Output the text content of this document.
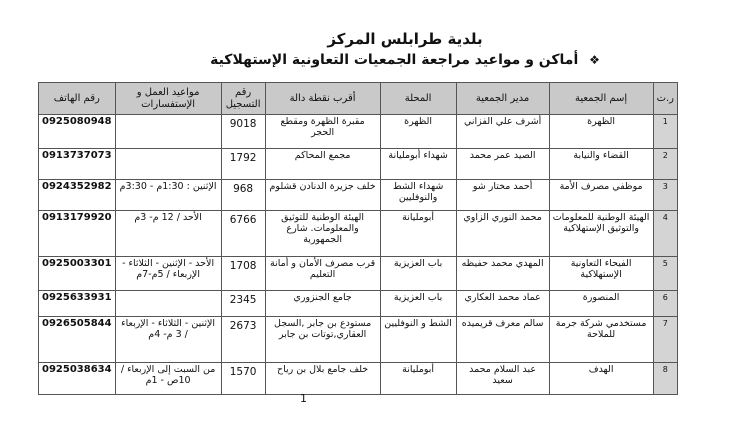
بلدية طرابلس المركز
❖ أماكن و مواعيد مراجعة الجمعيات التعاونية الإستهلاكية
ر.ت	إسم الجمعية	مدير الجمعية	المحلة	أقرب نقطة دالة	رقم التسجيل	مواعيد العمل و الإستفسارات	رقم الهاتف
1	الظهرة	أشرف علي الفزاني	الظهرة	مقبرة الظهرة ومقطع الحجر	9018		0925080948
2	القضاء والنيابة	الصيد عمر محمد	شهداء أبومليانة	مجمع المحاكم	1792		0913737073
3	موظفي مصرف الأمة	أحمد مختار شو	شهداء الشط والنوفليين	خلف جزيرة الدنادن قشلوم	968	الإثنين : 1:30م - 3:30م	0924352982
4	الهيئة الوطنية للمعلومات والتوثيق الإستهلاكية	محمد النوري الزاوي	أبومليانة	الهيئة الوطنية للتوثيق والمعلومات. شارع الجمهورية	6766	الأحد / 12 م- 3م	0913179920
5	الفيحاء التعاونية الإستهلاكية	المهدي محمد حفيظه	باب العزيزية	قرب مصرف الأمان و أمانة التعليم	1708	الأحد - الإثنين - الثلاثاء - الإربعاء / 5م-7م	0925003301
6	المنصورة	عماد محمد العكاري	باب العزيزية	جامع الجنزوري	2345		0925633931
7	مستخدمي شركة جرمة للملاحة	سالم معرف قريميده	الشط و النوفليين	مستودع بن جابر ,السجل العقاري,توتات بن جابر	2673	الإثنين - الثلاثاء - الإربعاء / 3 م- 4م	0926505844
8	الهدف	عبد السلام محمد سعيد	أبومليانة	خلف جامع بلال بن رياح	1570	من السبت إلى الإربعاء / 10ص - 1م	0925038634
1
